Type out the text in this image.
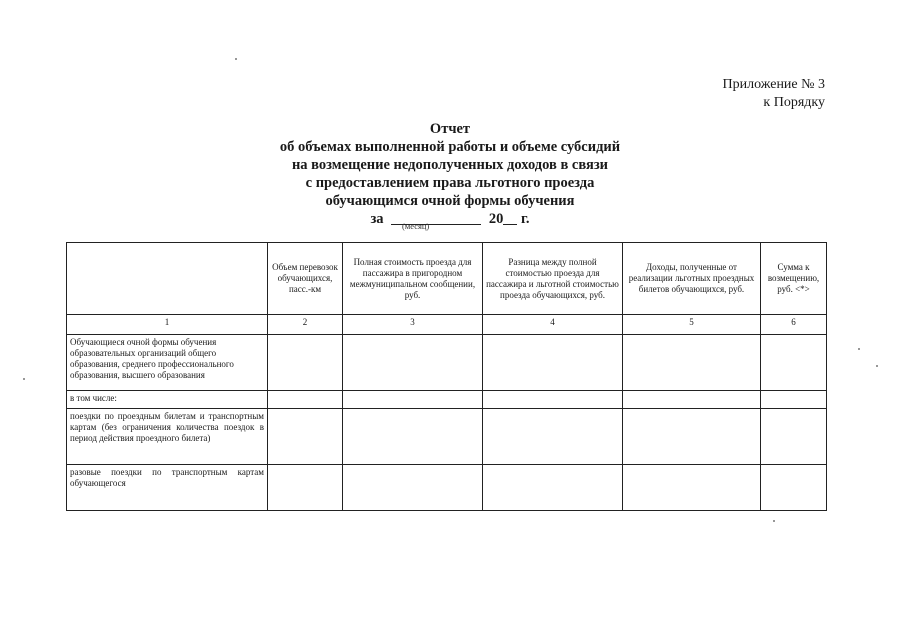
Приложение № 3
к Порядку
Отчет
об объемах выполненной работы и объеме субсидий
на возмещение недополученных доходов в связи
с предоставлением права льготного проезда
обучающимся очной формы обучения
за	20 г.
(месяц)
	Объем перевозок обучающихся, пасс.-км	Полная стоимость проезда для пассажира в пригородном межмуниципальном сообщении, руб.	Разница между полной стоимостью проезда для пассажира и льготной стоимостью проезда обучающихся, руб.	Доходы, полученные от реализации льготных проездных билетов обучающихся, руб.	Сумма к возмещению, руб. <*>
1	2	3	4	5	6
Обучающиеся очной формы обучения образовательных организаций общего образования, среднего профессионального образования, высшего образования					
в том числе:					
поездки по проездным билетам и транспортным картам (без ограничения количества поездок в период действия проездного билета)					
разовые поездки по транспортным картам обучающегося					
